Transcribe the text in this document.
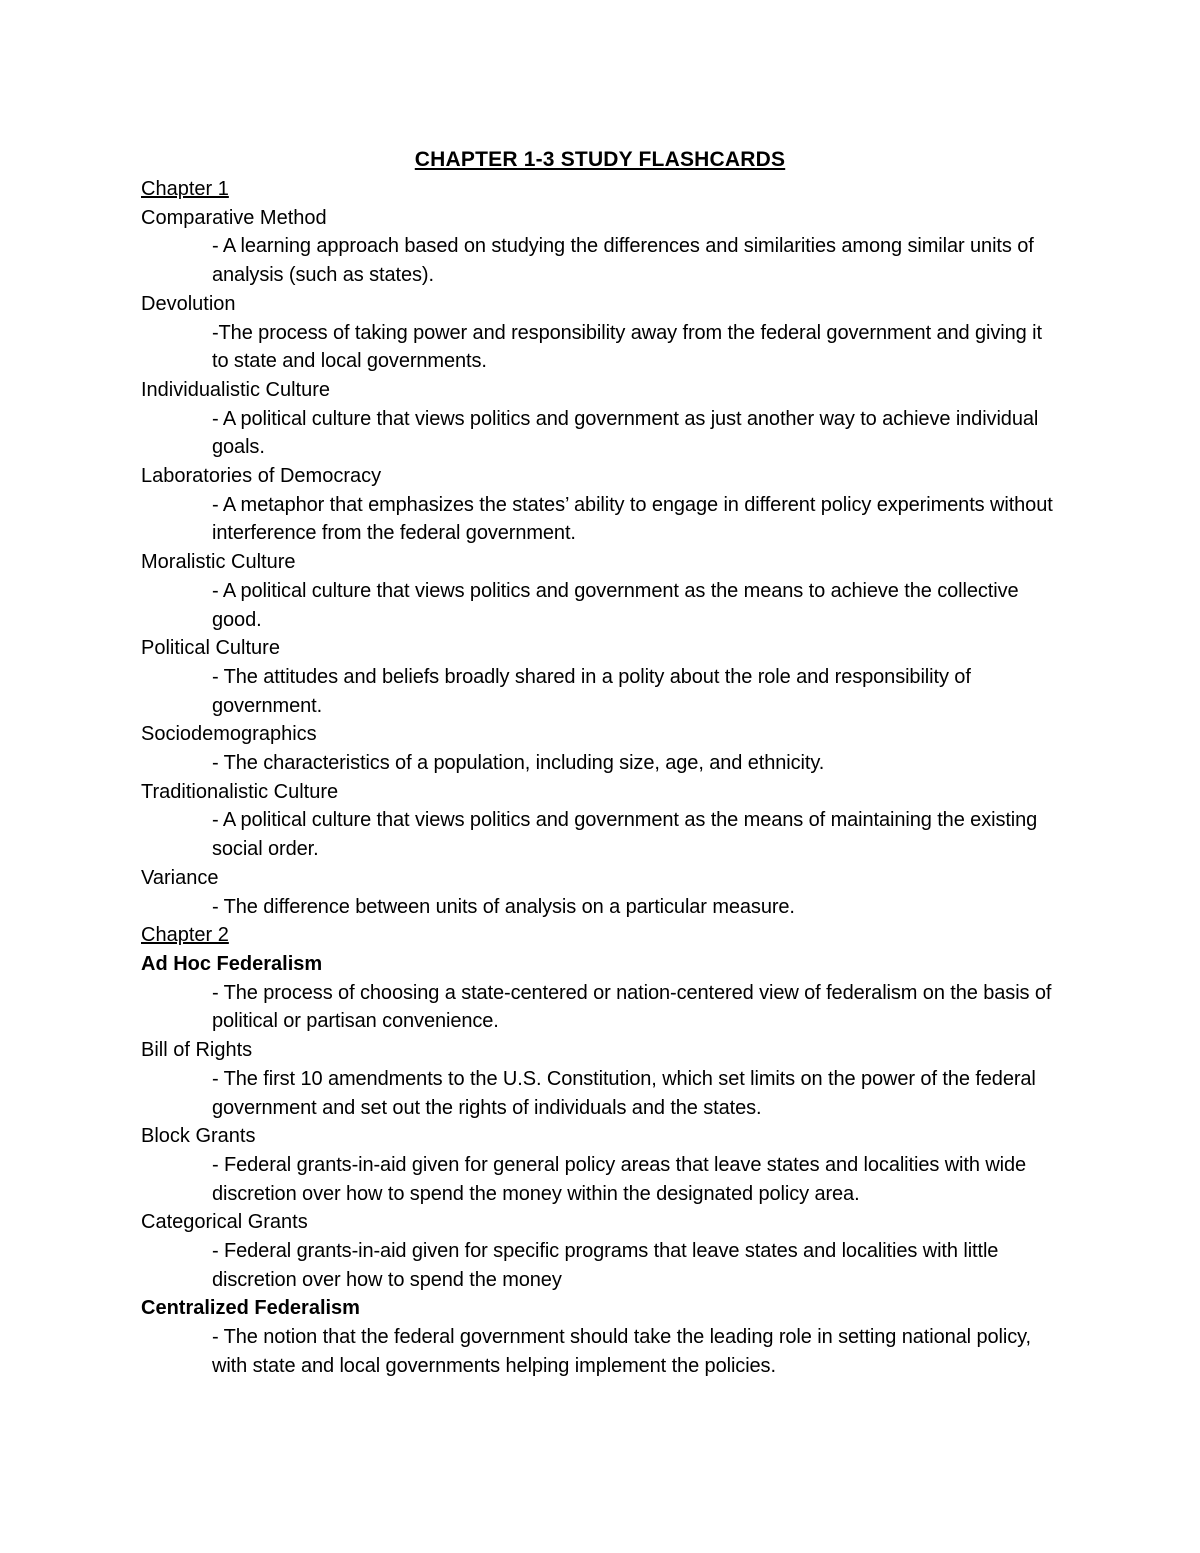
CHAPTER 1-3 STUDY FLASHCARDS

Chapter 1

Comparative Method

- A learning approach based on studying the differences and similarities among similar units of analysis (such as states).

Devolution

-The process of taking power and responsibility away from the federal government and giving it to state and local governments.

Individualistic Culture

- A political culture that views politics and government as just another way to achieve individual goals.

Laboratories of Democracy

- A metaphor that emphasizes the states’ ability to engage in different policy experiments without interference from the federal government.

Moralistic Culture

- A political culture that views politics and government as the means to achieve the collective good.

Political Culture

- The attitudes and beliefs broadly shared in a polity about the role and responsibility of government.

Sociodemographics

- The characteristics of a population, including size, age, and ethnicity.

Traditionalistic Culture

- A political culture that views politics and government as the means of maintaining the existing social order.

Variance

- The difference between units of analysis on a particular measure.

Chapter 2

Ad Hoc Federalism

- The process of choosing a state-centered or nation-centered view of federalism on the basis of political or partisan convenience.

Bill of Rights

- The first 10 amendments to the U.S. Constitution, which set limits on the power of the federal government and set out the rights of individuals and the states.

Block Grants

- Federal grants-in-aid given for general policy areas that leave states and localities with wide discretion over how to spend the money within the designated policy area.

Categorical Grants

- Federal grants-in-aid given for specific programs that leave states and localities with little discretion over how to spend the money

Centralized Federalism

- The notion that the federal government should take the leading role in setting national policy, with state and local governments helping implement the policies.
